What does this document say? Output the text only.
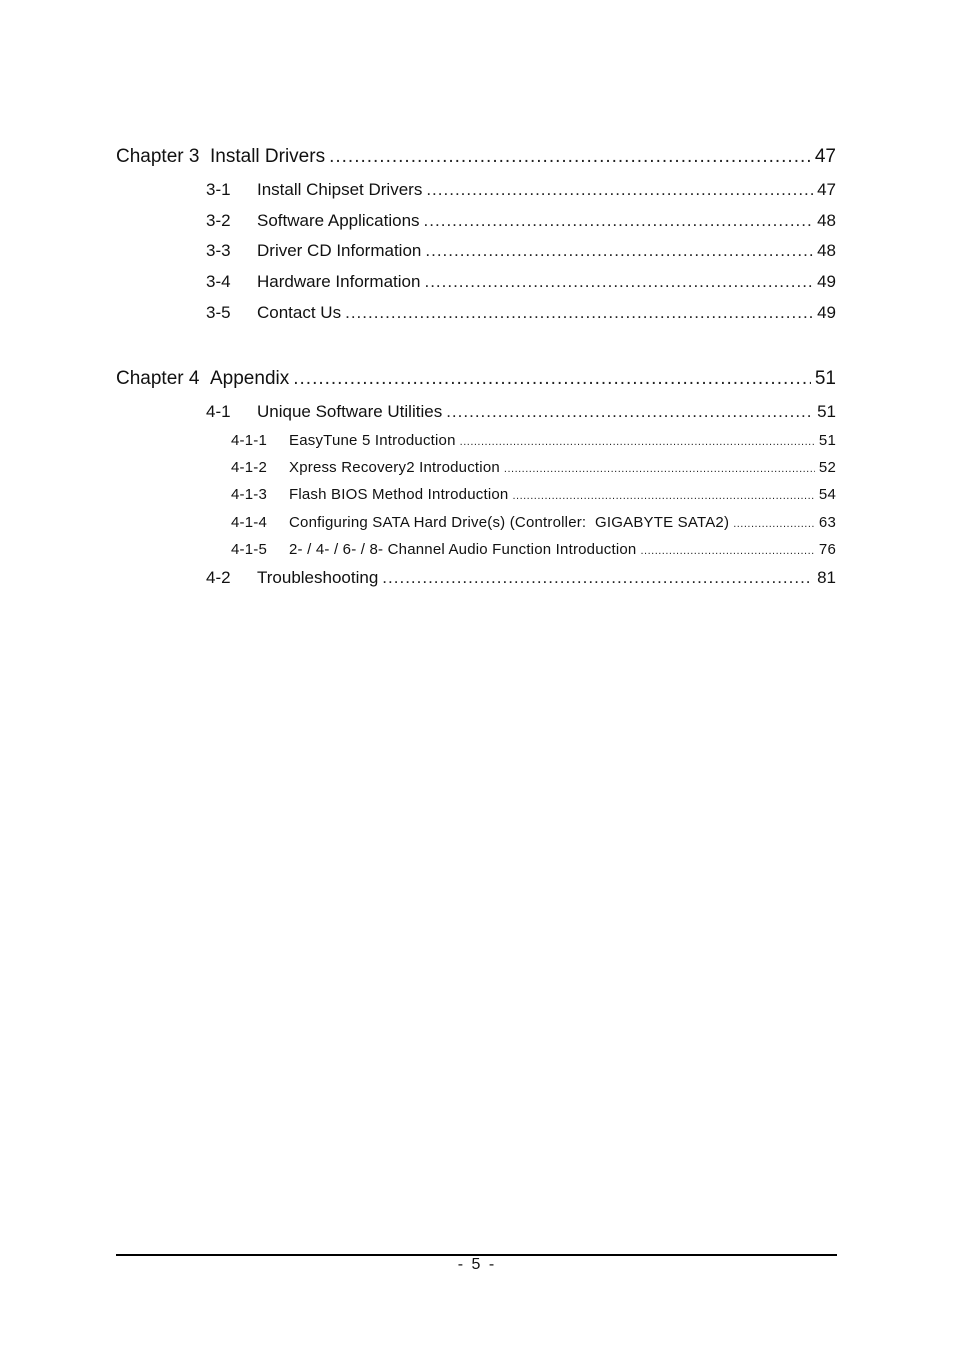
Chapter 3 Install Drivers .....	47
3-1	Install Chipset Drivers .....	47
3-2	Software Applications .....	48
3-3	Driver CD Information .....	48
3-4	Hardware Information .....	49
3-5	Contact Us .....	49
Chapter 4 Appendix .....	51
4-1	Unique Software Utilities .....	51
4-1-1	EasyTune 5 Introduction .....	51
4-1-2	Xpress Recovery2 Introduction .....	52
4-1-3	Flash BIOS Method Introduction .....	54
4-1-4	Configuring SATA Hard Drive(s) (Controller:  GIGABYTE SATA2) .....	63
4-1-5	2- / 4- / 6- / 8- Channel Audio Function Introduction .....	76
4-2	Troubleshooting .....	81
- 5 -
